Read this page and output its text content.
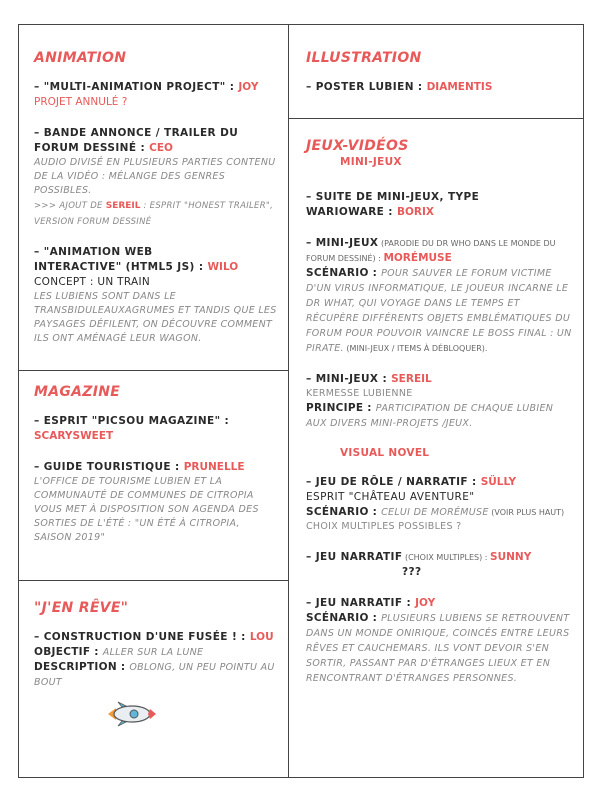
ANIMATION
– "MULTI-ANIMATION PROJECT" : JOY
PROJET ANNULÉ ?
– BANDE ANNONCE / TRAILER DU
FORUM DESSINÉ : CEO
AUDIO DIVISÉ EN PLUSIEURS PARTIES CONTENU DE LA VIDÉO : MÉLANGE DES GENRES POSSIBLES.
>>> AJOUT DE SEREIL : ESPRIT "HONEST TRAILER", VERSION FORUM DESSINÉ
– "ANIMATION WEB
INTERACTIVE" (HTML5 JS) : WILO
CONCEPT : UN TRAIN
LES LUBIENS SONT DANS LE TRANSBIDULEAUXAGRUMES ET TANDIS QUE LES PAYSAGES DÉFILENT, ON DÉCOUVRE COMMENT ILS ONT AMÉNAGÉ LEUR WAGON.
MAGAZINE
– ESPRIT "PICSOU MAGAZINE" :
SCARYSWEET
– GUIDE TOURISTIQUE : PRUNELLE
L'OFFICE DE TOURISME LUBIEN ET LA COMMUNAUTÉ DE COMMUNES DE CITROPIA VOUS MET À DISPOSITION SON AGENDA DES SORTIES DE L'ÉTÉ : "UN ÉTÉ À CITROPIA, SAISON 2019"
"J'EN RÊVE"
– CONSTRUCTION D'UNE FUSÉE ! : LOU
OBJECTIF : ALLER SUR LA LUNE
DESCRIPTION : OBLONG, UN PEU POINTU AU BOUT
ILLUSTRATION
– POSTER LUBIEN : DIAMENTIS
JEUX-VIDÉOS
MINI-JEUX
– SUITE DE MINI-JEUX, TYPE
WARIOWARE : BORIX
– MINI-JEUX (PARODIE DU DR WHO DANS LE MONDE DU FORUM DESSINÉ) : MORÉMUSE
SCÉNARIO : POUR SAUVER LE FORUM VICTIME D'UN VIRUS INFORMATIQUE, LE JOUEUR INCARNE LE DR WHAT, QUI VOYAGE DANS LE TEMPS ET RÉCUPÈRE DIFFÉRENTS OBJETS EMBLÉMATIQUES DU FORUM POUR POUVOIR VAINCRE LE BOSS FINAL : UN PIRATE. (MINI-JEUX / ITEMS À DÉBLOQUER).
– MINI-JEUX : SEREIL
KERMESSE LUBIENNE
PRINCIPE : PARTICIPATION DE CHAQUE LUBIEN AUX DIVERS MINI-PROJETS /JEUX.
VISUAL NOVEL
– JEU DE RÔLE / NARRATIF : SÜLLY
ESPRIT "CHÂTEAU AVENTURE"
SCÉNARIO : CELUI DE MORÉMUSE (VOIR PLUS HAUT)
CHOIX MULTIPLES POSSIBLES ?
– JEU NARRATIF (CHOIX MULTIPLES) : SUNNY
???
– JEU NARRATIF : JOY
SCÉNARIO : PLUSIEURS LUBIENS SE RETROUVENT DANS UN MONDE ONIRIQUE, COINCÉS ENTRE LEURS RÊVES ET CAUCHEMARS. ILS VONT DEVOIR S'EN SORTIR, PASSANT PAR D'ÉTRANGES LIEUX ET EN RENCONTRANT D'ÉTRANGES PERSONNES.
